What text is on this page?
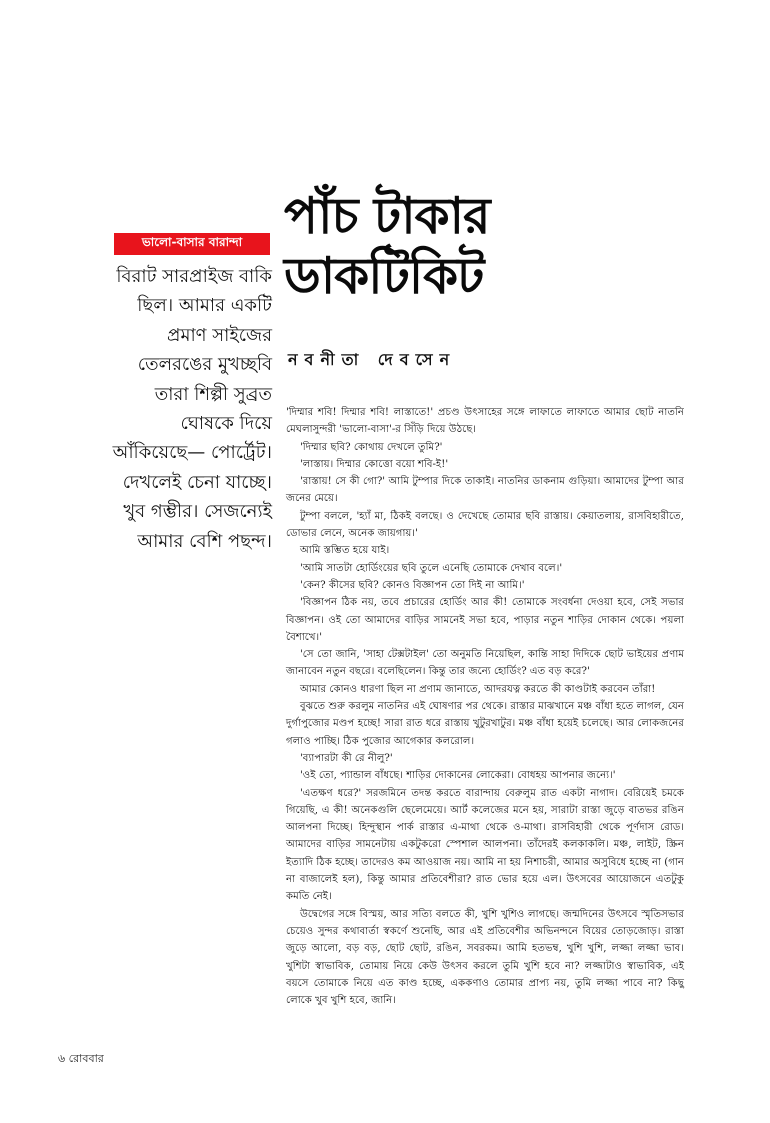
ভালো-বাসার বারান্দা পাঁচ টাকার
ডাকটিকিট
নবনীতা দেবসেন
বিরাট সারপ্রাইজ বাকি
ছিল। আমার একটি
প্রমাণ সাইজের
তেলরঙের মুখচ্ছবি
তারা শিল্পী সুব্রত
ঘোষকে দিয়ে
আঁকিয়েছে— পোর্ট্রেট।
দেখলেই চেনা যাচ্ছে।
খুব গম্ভীর। সেজন্যেই
আমার বেশি পছন্দ।

'দিম্মার শবি! দিম্মার শবি! লাস্তাতে!' প্রচণ্ড উৎসাহের সঙ্গে লাফাতে লাফাতে আমার ছোট নাতনি মেঘলাসুন্দরী 'ভালো-বাসা'-র সিঁড়ি দিয়ে উঠছে।

'দিম্মার ছবি? কোথায় দেখলে তুমি?'

'লাস্তায়। দিম্মার কোত্তো বয়ো শবি-ই!'

'রাস্তায়! সে কী গো?' আমি টুম্পার দিকে তাকাই। নাতনির ডাকনাম গুড়িয়া। আমাদের টুম্পা আর জনের মেয়ে।

টুম্পা বললে, 'হ্যাঁ মা, ঠিকই বলছে। ও দেখেছে তোমার ছবি রাস্তায়। কেয়াতলায়, রাসবিহারীতে, ডোভার লেনে, অনেক জায়গায়।'

আমি স্তম্ভিত হয়ে যাই।

'আমি সাতটা হোর্ডিংয়ের ছবি তুলে এনেছি তোমাকে দেখাব বলে।'

'কেন? কীসের ছবি? কোনও বিজ্ঞাপন তো দিই না আমি।'

'বিজ্ঞাপন ঠিক নয়, তবে প্রচারের হোর্ডিং আর কী! তোমাকে সংবর্ধনা দেওয়া হবে, সেই সভার বিজ্ঞাপন। ওই তো আমাদের বাড়ির সামনেই সভা হবে, পাড়ার নতুন শাড়ির দোকান থেকে। পয়লা বৈশাখে।'

'সে তো জানি, 'সাহা টেক্সটাইল' তো অনুমতি নিয়েছিল, কান্তি সাহা দিদিকে ছোট ভাইয়ের প্রণাম জানাবেন নতুন বছরে। বলেছিলেন। কিন্তু তার জন্যে হোর্ডিং? এত বড় করে?'

আমার কোনও ধারণা ছিল না প্রণাম জানাতে, আদরযত্ন করতে কী কাণ্ডটাই করবেন তাঁরা!

বুঝতে শুরু করলুম নাতনির এই ঘোষণার পর থেকে। রাস্তার মাঝখানে মঞ্চ বাঁধা হতে লাগল, যেন দুর্গাপুজোর মণ্ডপ হচ্ছে! সারা রাত ধরে রাস্তায় খুটুরখাটুর। মঞ্চ বাঁধা হয়েই চলেছে। আর লোকজনের গলাও পাচ্ছি। ঠিক পুজোর আগেকার কলরোল।

'ব্যাপারটা কী রে নীলু?'

'ওই তো, প্যান্ডাল বাঁধছে। শাড়ির দোকানের লোকেরা। বোধহয় আপনার জন্যে।'

'এতক্ষণ ধরে?' সরজমিনে তদন্ত করতে বারান্দায় বেরুলুম রাত একটা নাগাদ। বেরিয়েই চমকে গিয়েছি, এ কী! অনেকগুলি ছেলেমেয়ে। আর্ট কলেজের মনে হয়, সারাটা রাস্তা জুড়ে বাতভর রঙিন আলপনা দিচ্ছে। হিন্দুস্থান পার্ক রাস্তার এ-মাথা থেকে ও-মাথা। রাসবিহারী থেকে পূর্ণদাস রোড। আমাদের বাড়ির সামনেটায় একটুকরো স্পেশাল আলপনা। তাঁদেরই কলকাকলি। মঞ্চ, লাইট, স্ক্রিন ইত্যাদি ঠিক হচ্ছে। তাদেরও কম আওয়াজ নয়। আমি না হয় নিশাচরী, আমার অসুবিধে হচ্ছে না (গান না বাজালেই হল), কিন্তু আমার প্রতিবেশীরা? রাত ভোর হয়ে এল। উৎসবের আয়োজনে এতটুকু কমতি নেই।

উদ্বেগের সঙ্গে বিস্ময়, আর সত্যি বলতে কী, খুশি খুশিও লাগছে। জন্মদিনের উৎসবে স্মৃতিসভার চেয়েও সুন্দর কথাবার্তা স্বকর্ণে শুনেছি, আর এই প্রতিবেশীর অভিনন্দনে বিয়ের তোড়জোড়। রাস্তা জুড়ে আলো, বড় বড়, ছোট ছোট, রঙিন, সবরকম। আমি হতভম্ব, খুশি খুশি, লজ্জা লজ্জা ভাব। খুশিটা স্বাভাবিক, তোমায় নিয়ে কেউ উৎসব করলে তুমি খুশি হবে না? লজ্জাটাও স্বাভাবিক, এই বয়সে তোমাকে নিয়ে এত কাণ্ড হচ্ছে, এককণাও তোমার প্রাপ্য নয়, তুমি লজ্জা পাবে না? কিছু লোকে খুব খুশি হবে, জানি।

৬ রোববার
